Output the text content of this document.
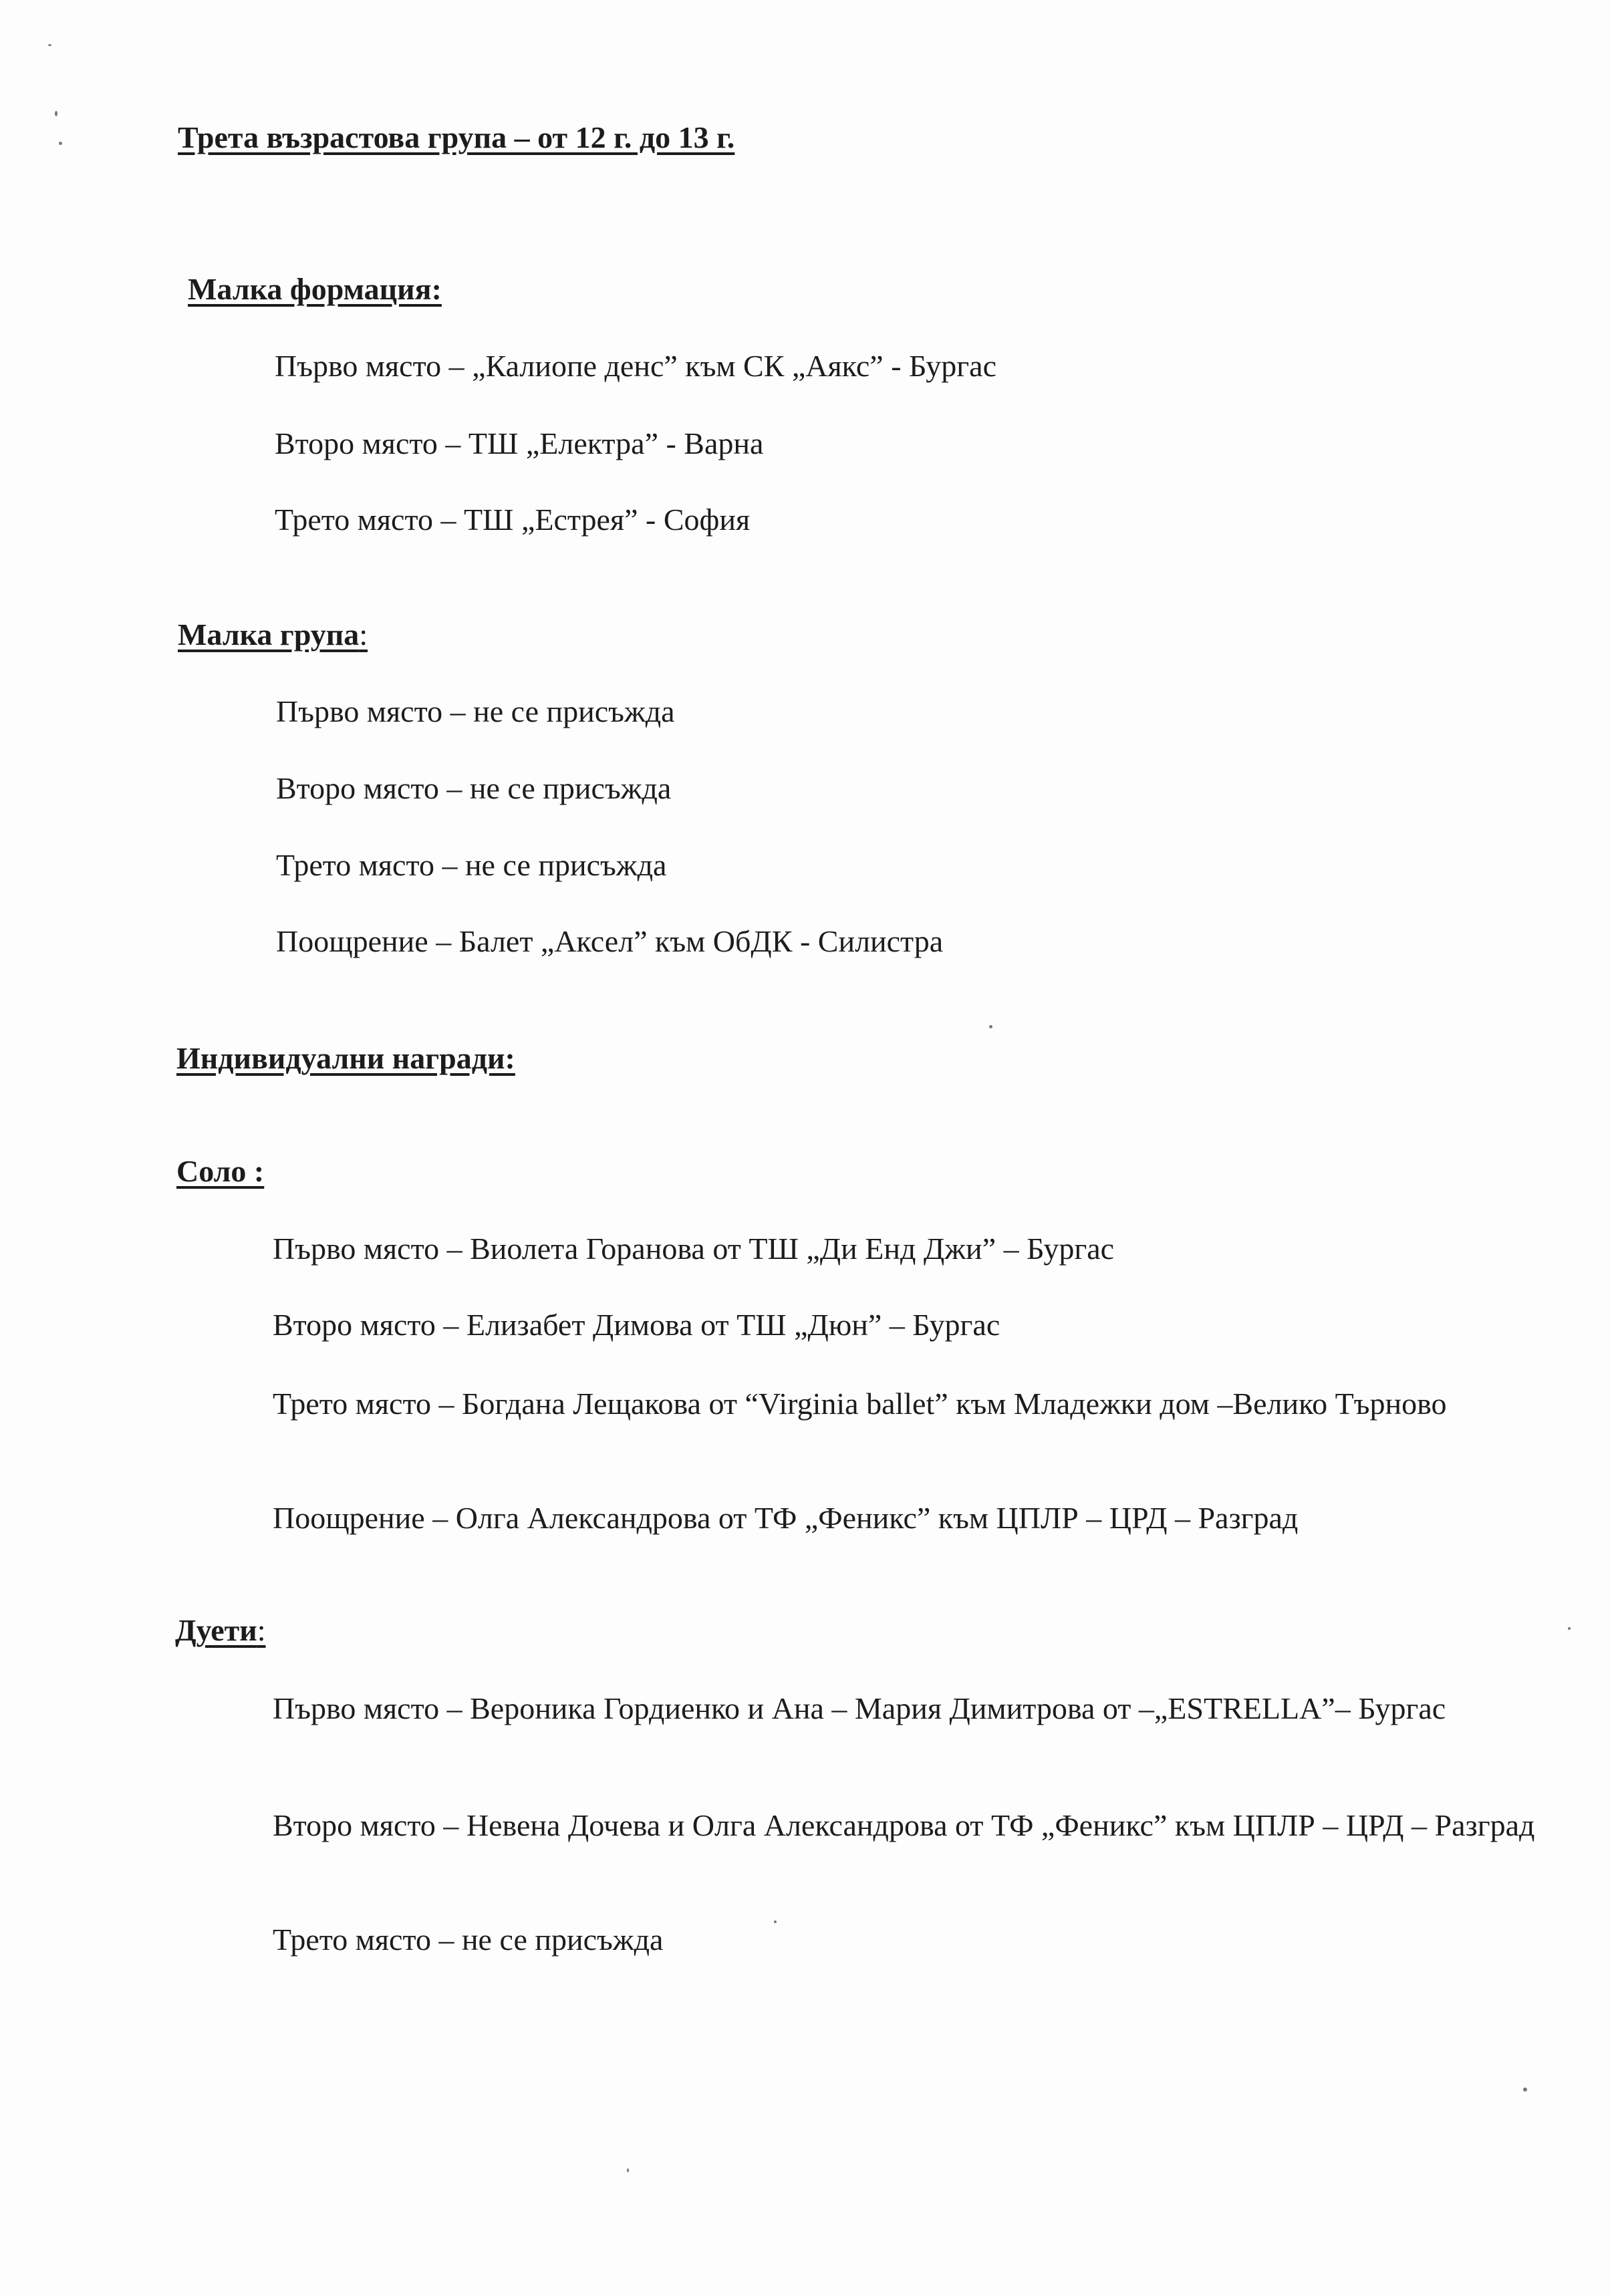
Трета възрастова група – от 12 г. до 13 г.
Малка формация:
Първо място – „Калиопе денс” към СК „Аякс” - Бургас
Второ място – ТШ „Електра” - Варна
Трето място – ТШ „Естрея” - София
Малка група:
Първо място – не се присъжда
Второ място – не се присъжда
Трето място – не се присъжда
Поощрение – Балет „Аксел” към ОбДК - Силистра
Индивидуални награди:
Соло :
Първо място – Виолета Горанова от ТШ „Ди Енд Джи” – Бургас
Второ място – Елизабет Димова от ТШ „Дюн” – Бургас
Трето място – Богдана Лещакова от “Virginia ballet” към Младежки дом –Велико Търново
Поощрение – Олга Александрова от ТФ „Феникс” към ЦПЛР – ЦРД – Разград
Дуети:
Първо място – Вероника Гордиенко и Ана – Мария Димитрова от –„ESTRELLA”– Бургас
Второ място – Невена Дочева и Олга Александрова от ТФ „Феникс” към ЦПЛР – ЦРД – Разград
Трето място – не се присъжда
